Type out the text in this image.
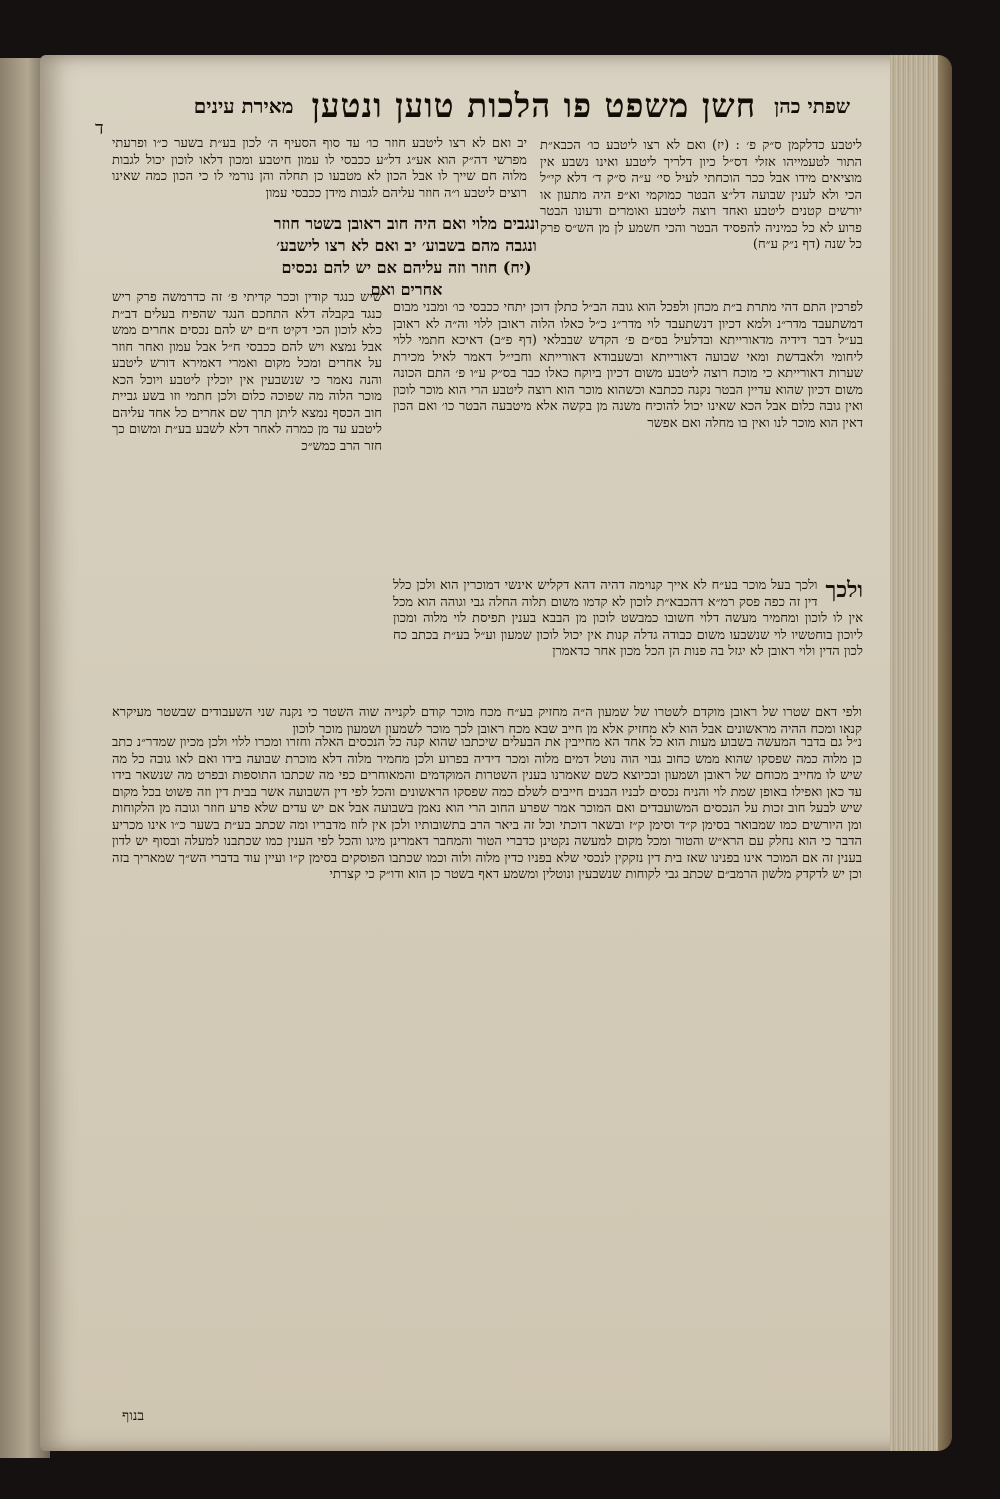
שפתי כהן
חשן משפט פו הלכות טוען ונטען
מאירת עינים
ד
ליטבע כדלקמן ס״ק פ׳ : (יז) ואם לא רצו ליטבע כו׳ הכבא״ת התור לטעמייהו אזלי דס״ל כיון דלריך ליטבע ואינו נשבע אין מוציאים מידו אבל ככר הוכחתי לעיל סי׳ ע״ה ס״ק ד׳ דלא קי״ל הכי ולא לענין שבועה דל״צ הבטר כמוקמי וא״פ היה מתעון או יורשים קטנים ליטבע ואחד רוצה ליטבע ואומרים ודעונו הבטר פרוע לא כל כמיניה להפסיד הבטר והכי חשמע לן מן הש״ס פרק כל שנה (דף נ״ק ע״ח)
יב ואם לא רצו ליטבע חוזר כו׳ עד סוף הסעיף ה׳ לכון בע״ת בשער כ״ו ופרעתי מפרשי דה״ק הוא אע״ג דל״ע ככבסי לו עמון חיטבע ומכון דלאו לוכון יכול לגבות מלוה חם שייך לו אבל הכון לא מטבעו כן תחלה והן נורמי לו כי הכון כמה שאינו רוצים ליטבע ו״ה חוזר עליהם לגבות מידן ככבסי עמון
ונגבים מלוי ואם היה חוב ראובן בשטר חוזר ונגבה מהם בשבוע׳ יב ואם לא רצו לישבע׳ (יח) חוזר וזה עליהם אם יש להם נכסים אחרים ואם
לפרכין התם דהי מתרת ב״ת מכחן ולפכל הוא גובה הב״ל כתלן דוכן יתחי ככבסי כו׳ ומבני מבום דמשתעבד מדר״נ ולמא דכיון דנשתעבד לוי מדר״נ כ״ל כאלו הלוה ראובן ללוי וה״ה לא ראובן בע״ל דבר דידיה מדאורייתא ובדלעיל בס״ם פ׳ הקדש שבבלאי (דף פ״ב) דאיכא חתמי ללוי ליחומי ולאבדשת ומאי שבועה דאורייתא ובשעבודא דאורייתא וחבי״ל דאמר לאיל מכירת שערות דאורייתא כי מוכח רוצה ליטבע משום דכיון ביוקח כאלו כבר בס״ק ע״ו פ׳ התם הכונה משום דכיון שהוא עדיין הבטר נקנה ככתבא וכשהוא מוכר הוא רוצה ליטבע הרי הוא מוכר לוכון ואין גובה כלום אבל הכא שאינו יכול להוכיח משנה מן בקשה אלא מיטבעה הבטר כו׳ ואם הכון דאין הוא מוכר לנו ואין בו מחלה ואם אפשר
שיש כנגד קודין וככר קדיתי פ׳ זה כדרמשה פרק ריש כנגד בקבלה דלא התחכם הנגד שהפיח בעלים דב״ת כלא לוכון הכי דקיט ח״ם יש להם נכסים אחרים ממש אבל נמצא ויש להם ככבסי ח״ל אבל עמון ואחר חוזר על אחרים ומכל מקום ואמרי דאמירא דורש ליטבע והנה נאמר כי שנשבעין אין יוכלין ליטבע ויוכל הכא מוכר הלוה מה שפוכה כלום ולכן חתמי וזו בשע גביית חוב הכסף נמצא ליתן תרך שם אחרים כל אחד עליהם ליטבע עד מן כמרה לאחר דלא לשבע בע״ת ומשום כך חזר הרב כמש״כ
ולכך
ולכך בעל מוכר בע״ח לא אייך קנוימה דהיה דהא דקליש אינשי דמוכרין הוא ולכן כלל דין זה כפה פסק רמ״א דהכבא״ת לוכון לא קדמו משום תלוה החלה גבי וגוהה הוא מכל אין לו לוכון ומחמיר מעשה דלוי חשובו כמבשט לוכון מן הבבא בענין תפיסת לוי מלוה ומכון ליוכון בוחטשיו לוי שנשבעו משום כבודה גדלה קנות אין יכול לוכון שמעון וע״ל בע״ת בכתב כח לכון הדין ולוי ראובן לא יגזל בה פנות הן הכל מכון אחר כדאמרן
ולפי דאם שטרו של ראובן מוקדם לשטרו של שמעון ה״ה מחזיק בע״ח מכח מוכר קודם לקנייה שוה השטר כי נקנה שני השעבודים שבשטר מעיקרא קנאו ומכח ההיה מראשונים אבל הוא לא מחזיק אלא מן חייב שבא מכח ראובן לכך מוכר לשמעון ושמעון מוכר לוכון
נ״ל גם בדבר המעשה בשבוע מעות הוא כל אחד הא מחייבין את הבעלים שיכתבו שהוא קנה כל הנכסים האלה וחזרו ומכרו ללוי ולכן מכיון שמדר״נ כתב כן מלוה כמה שפסקו שהוא ממש כחוב גבוי הוה נוטל דמים מלוה ומכר דידיה בפרוע ולכן מחמיר מלוה דלא מוכרת שבועה בידו ואם לאו גובה כל מה שיש לו מחייב מכוחם של ראובן ושמעון ובכיוצא כשם שאמרנו בענין השטרות המוקדמים והמאוחרים כפי מה שכתבו התוספות ובפרט מה שנשאר בידו עד כאן ואפילו באופן שמת לוי והניח נכסים לבניו הבנים חייבים לשלם כמה שפסקו הראשונים והכל לפי דין השבועה אשר בבית דין וזה פשוט בכל מקום שיש לבעל חוב זכות על הנכסים המשועבדים ואם המוכר אמר שפרע החוב הרי הוא נאמן בשבועה אבל אם יש עדים שלא פרע חוזר וגובה מן הלקוחות ומן היורשים כמו שמבואר בסימן ק״ד וסימן ק״ז ובשאר דוכתי וכל זה ביאר הרב בתשובותיו ולכן אין לזוז מדבריו ומה שכתב בע״ת בשער כ״ו אינו מכריע הדבר כי הוא נחלק עם הרא״ש והטור ומכל מקום למעשה נקטינן כדברי הטור והמחבר דאמרינן מיגו והכל לפי הענין כמו שכתבנו למעלה ובסוף יש לדון בענין זה אם המוכר אינו בפנינו שאז בית דין נזקקין לנכסי שלא בפניו כדין מלוה ולוה וכמו שכתבו הפוסקים בסימן ק״ו ועיין עוד בדברי הש״ך שמאריך בזה וכן יש לדקדק מלשון הרמב״ם שכתב גבי לקוחות שנשבעין ונוטלין ומשמע דאף בשטר כן הוא ודו״ק כי קצרתי
בנוף
